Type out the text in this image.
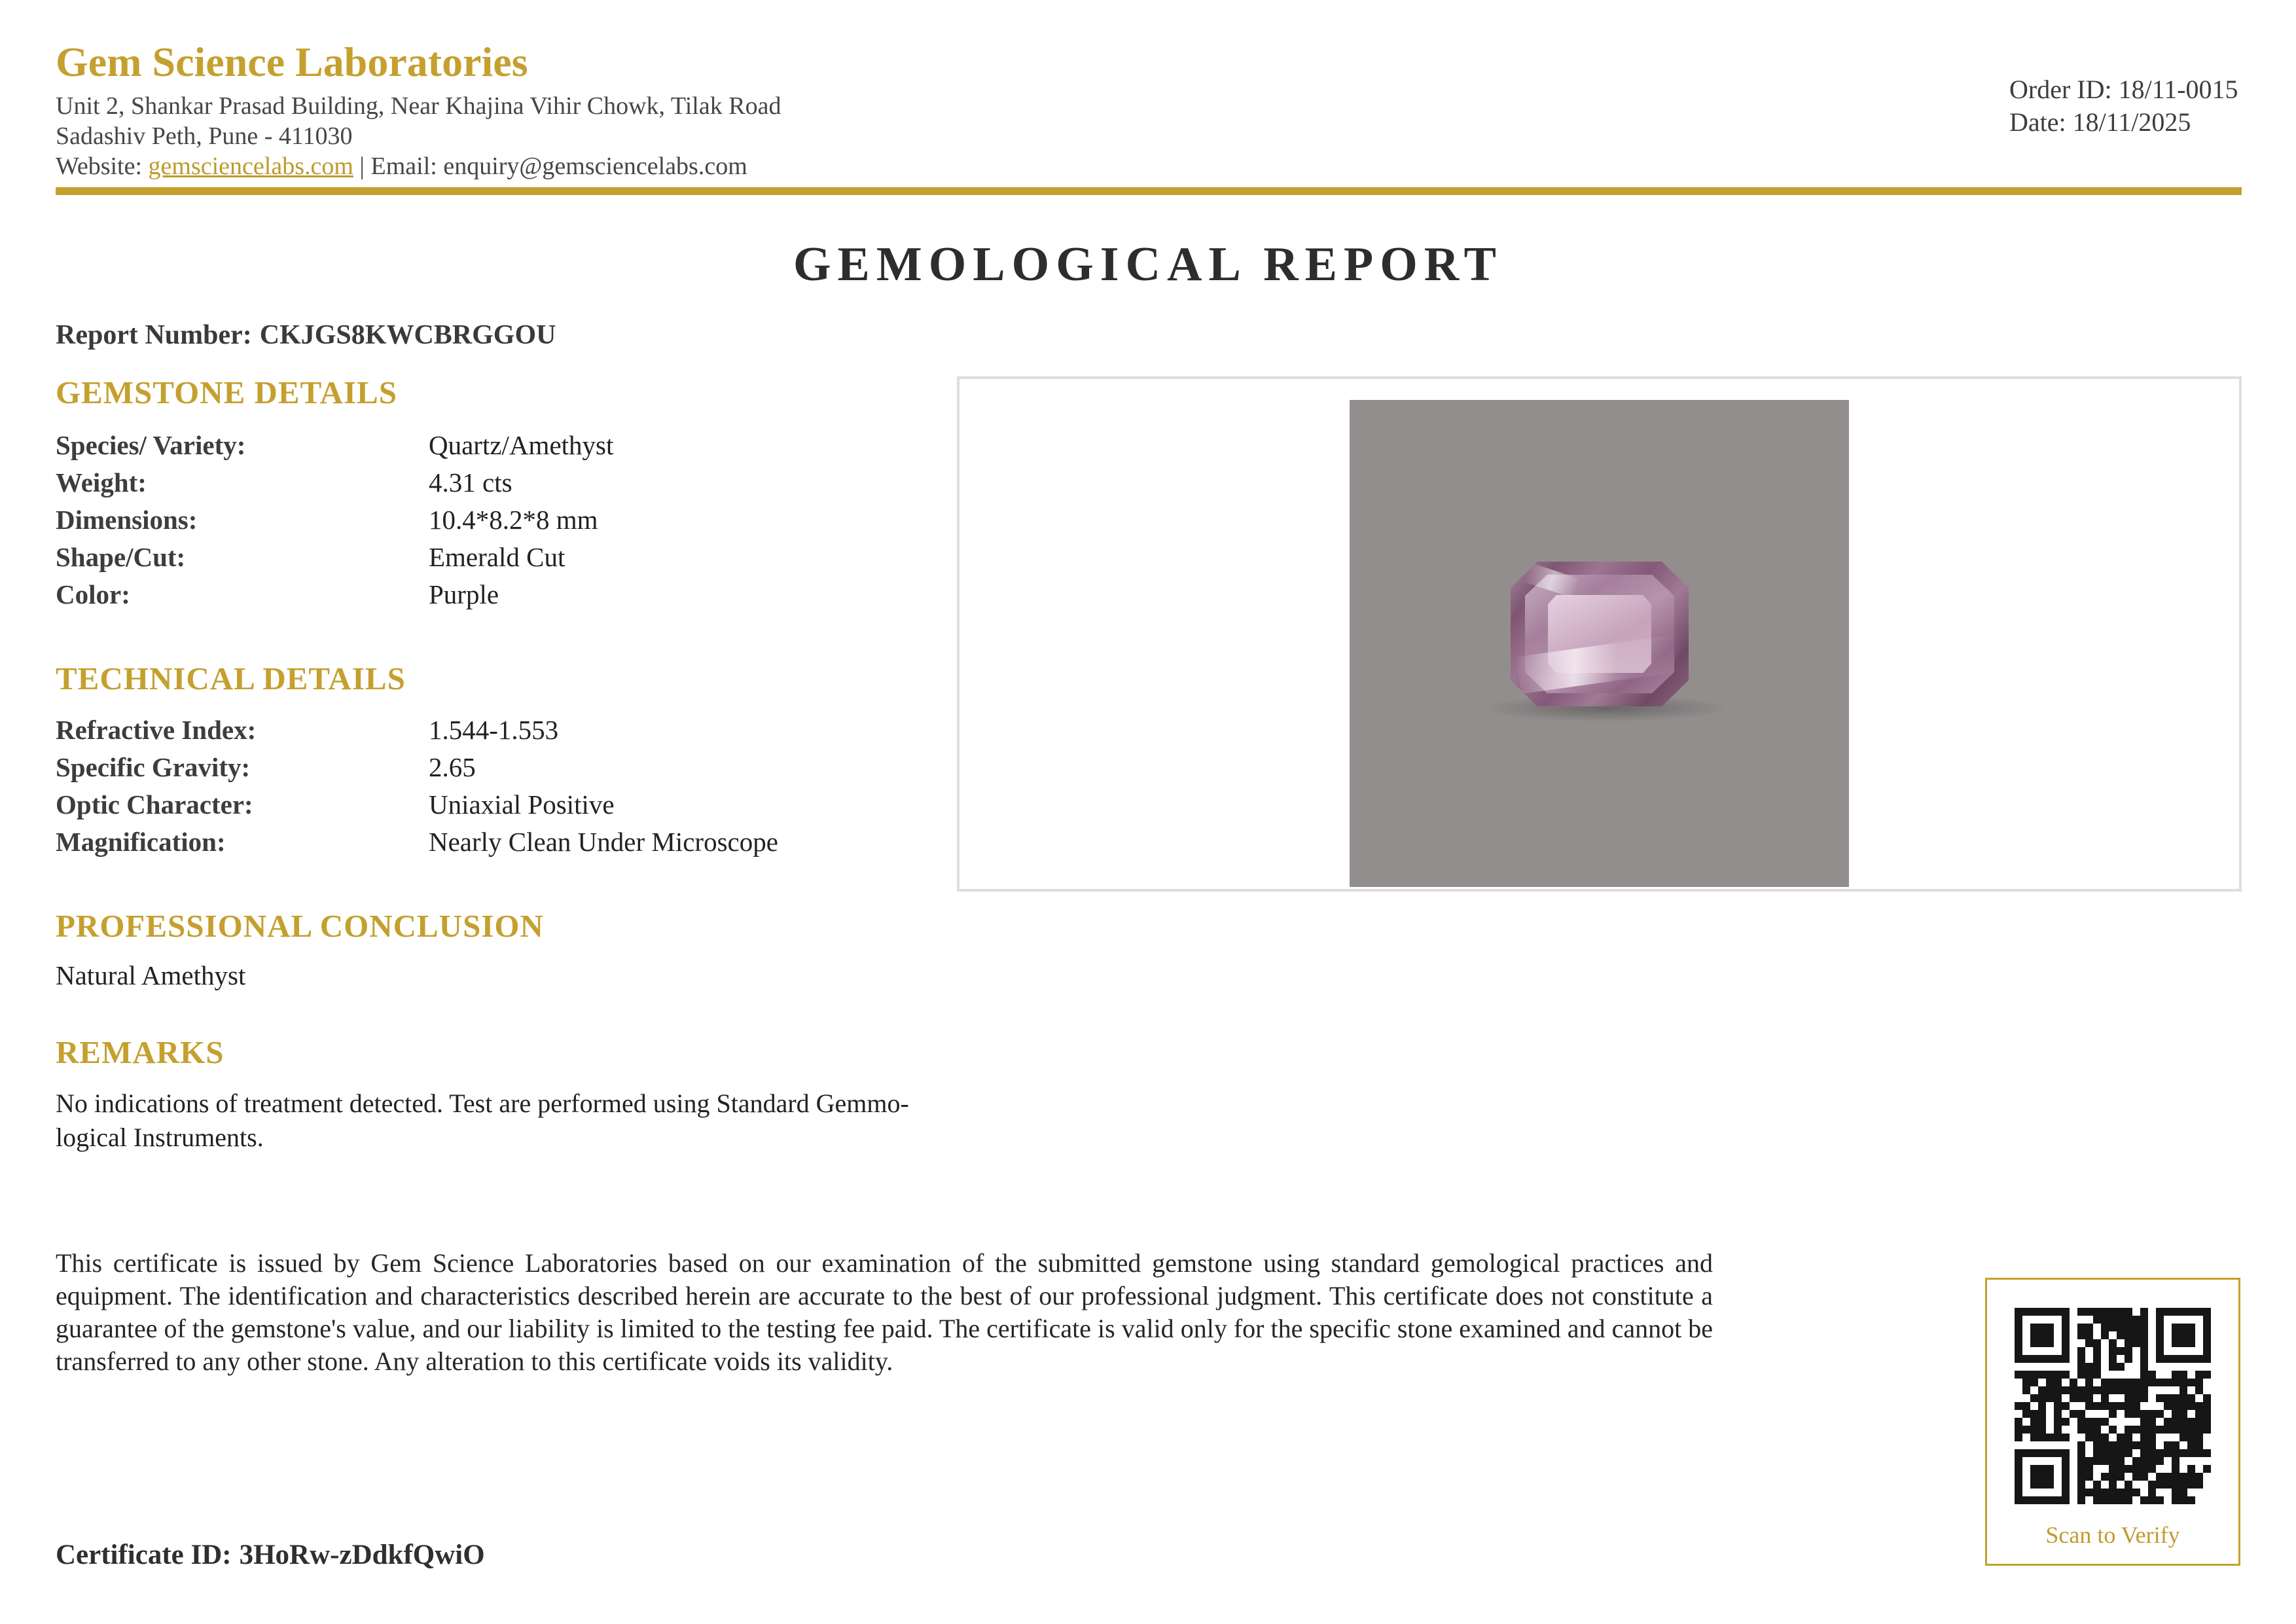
Gem Science Laboratories
Unit 2, Shankar Prasad Building, Near Khajina Vihir Chowk, Tilak Road
Sadashiv Peth, Pune - 411030
Website: gemsciencelabs.com | Email: enquiry@gemsciencelabs.com
Order ID: 18/11-0015
Date: 18/11/2025
GEMOLOGICAL REPORT
Report Number: CKJGS8KWCBRGGOU
GEMSTONE DETAILS
Species/ Variety:	Quartz/Amethyst
Weight:	4.31 cts
Dimensions:	10.4*8.2*8 mm
Shape/Cut:	Emerald Cut
Color:	Purple
TECHNICAL DETAILS
Refractive Index:	1.544-1.553
Specific Gravity:	2.65
Optic Character:	Uniaxial Positive
Magnification:	Nearly Clean Under Microscope
PROFESSIONAL CONCLUSION
Natural Amethyst
REMARKS
No indications of treatment detected. Test are performed using Standard Gemmo-
logical Instruments.
This certificate is issued by Gem Science Laboratories based on our examination of the submitted gemstone using standard gemological practices and equipment. The identification and characteristics described herein are accurate to the best of our professional judgment. This certificate does not constitute a guarantee of the gemstone's value, and our liability is limited to the testing fee paid. The certificate is valid only for the specific stone examined and cannot be transferred to any other stone. Any alteration to this certificate voids its validity.
Certificate ID: 3HoRw-zDdkfQwiO
Scan to Verify
